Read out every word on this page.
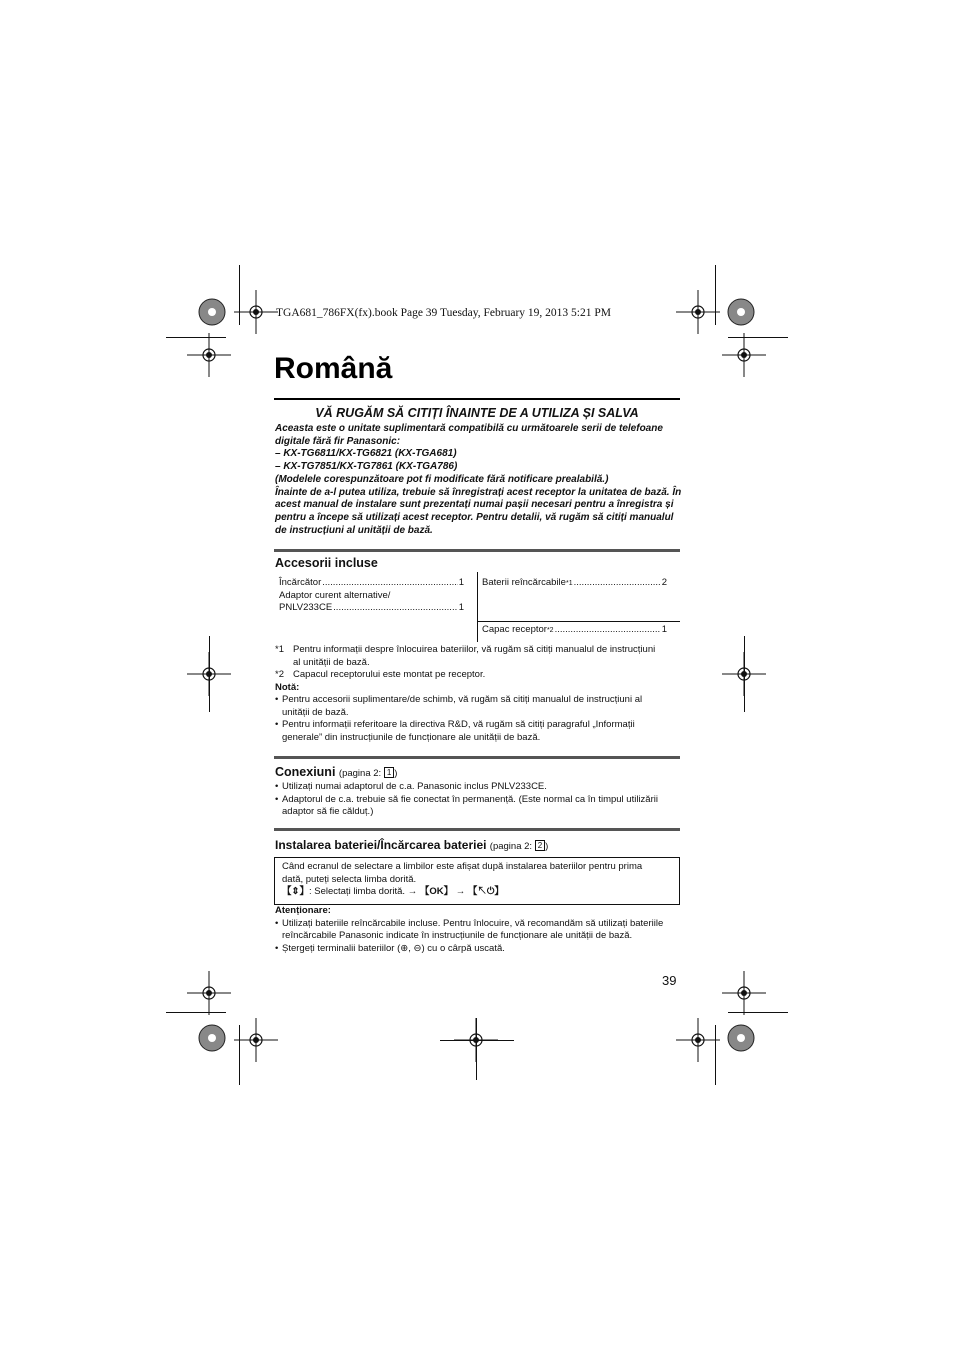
TGA681_786FX(fx).book Page 39 Tuesday, February 19, 2013 5:21 PM
Română
VĂ RUGĂM SĂ CITIȚI ÎNAINTE DE A UTILIZA ȘI SALVA
Aceasta este o unitate suplimentară compatibilă cu următoarele serii de telefoane
digitale fără fir Panasonic:
– KX-TG6811/KX-TG6821 (KX-TGA681)
– KX-TG7851/KX-TG7861 (KX-TGA786)
(Modelele corespunzătoare pot fi modificate fără notificare prealabilă.)
Înainte de a-l putea utiliza, trebuie să înregistrați acest receptor la unitatea de bază. În
acest manual de instalare sunt prezentați numai pașii necesari pentru a înregistra și
pentru a începe să utilizați acest receptor. Pentru detalii, vă rugăm să citiți manualul
de instrucțiuni al unității de bază.
Accesorii incluse
Încărcător .....	1
Adaptor curent alternative/
PNLV233CE .....	1
Baterii reîncărcabile *1 .....	2
Capac receptor *2 .....	1
*1 Pentru informații despre înlocuirea bateriilor, vă rugăm să citiți manualul de instrucțiuni
al unității de bază.
*2 Capacul receptorului este montat pe receptor.
Notă:
• Pentru accesorii suplimentare/de schimb, vă rugăm să citiți manualul de instrucțiuni al
unității de bază.
• Pentru informații referitoare la directiva R&D, vă rugăm să citiți paragraful „Informații
generale” din instrucțiunile de funcționare ale unității de bază.
Conexiuni (pagina 2: 1 )
• Utilizați numai adaptorul de c.a. Panasonic inclus PNLV233CE.
• Adaptorul de c.a. trebuie să fie conectat în permanență. (Este normal ca în timpul utilizării
adaptor să fie călduț.)
Instalarea bateriei/Încărcarea bateriei (pagina 2: 2 )
Când ecranul de selectare a limbilor este afișat după instalarea bateriilor pentru prima
dată, puteți selecta limba dorită.
【⇕】: Selectați limba dorită. → 【OK】 → 【↖⏻】
Atenționare:
• Utilizați bateriile reîncărcabile incluse. Pentru înlocuire, vă recomandăm să utilizați bateriile
reîncărcabile Panasonic indicate în instrucțiunile de funcționare ale unității de bază.
• Ștergeți terminalii bateriilor (⊕, ⊖) cu o cârpă uscată.
39
